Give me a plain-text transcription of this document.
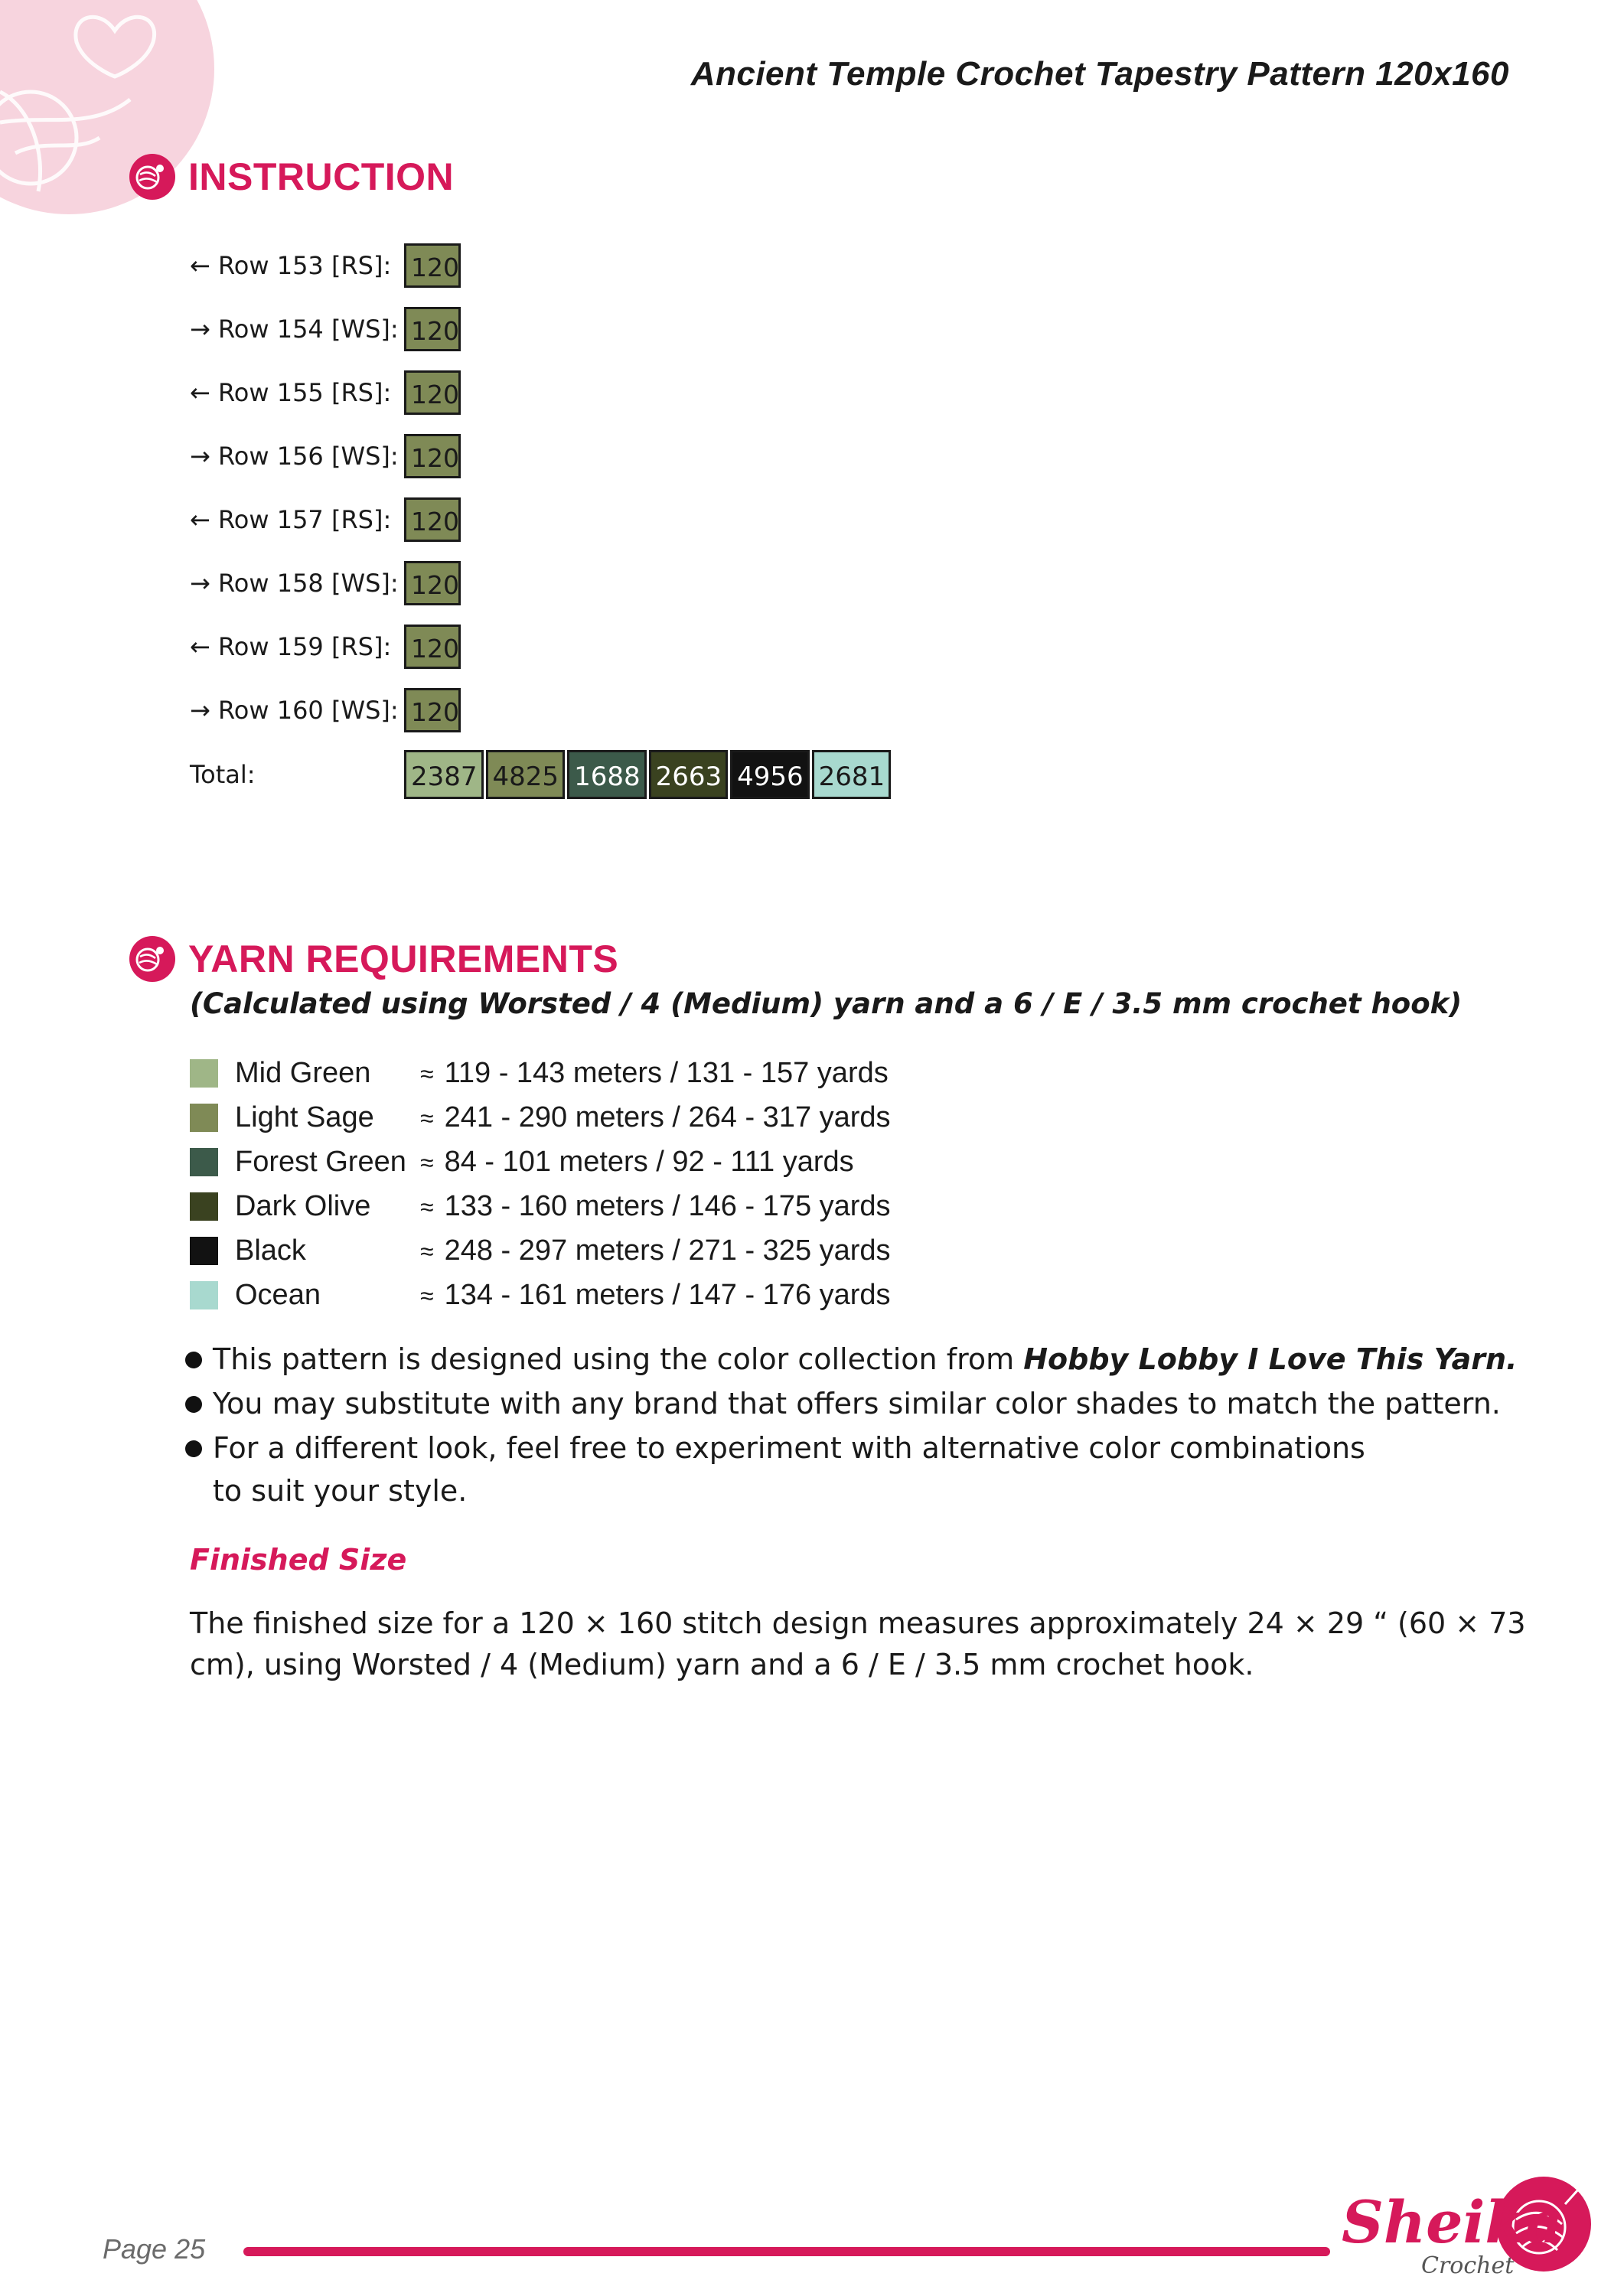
Ancient Temple Crochet Tapestry Pattern 120x160
INSTRUCTION
← Row 153 [RS]: 120
→ Row 154 [WS]: 120
← Row 155 [RS]: 120
→ Row 156 [WS]: 120
← Row 157 [RS]: 120
→ Row 158 [WS]: 120
← Row 159 [RS]: 120
→ Row 160 [WS]: 120
Total:	2387 4825 1688 2663 4956 2681
YARN REQUIREMENTS
(Calculated using Worsted / 4 (Medium) yarn and a 6 / E / 3.5 mm crochet hook)
Mid Green	≈ 119 - 143 meters / 131 - 157 yards
Light Sage	≈ 241 - 290 meters / 264 - 317 yards
Forest Green ≈ 84 - 101 meters / 92 - 111 yards
Dark Olive	≈ 133 - 160 meters / 146 - 175 yards
Black	≈ 248 - 297 meters / 271 - 325 yards
Ocean	≈ 134 - 161 meters / 147 - 176 yards
This pattern is designed using the color collection from Hobby Lobby I Love This Yarn.
You may substitute with any brand that offers similar color shades to match the pattern.
For a different look, feel free to experiment with alternative color combinations to suit your style.
Finished Size
The finished size for a 120 × 160 stitch design measures approximately 24 × 29 “ (60 × 73 cm), using Worsted / 4 (Medium) yarn and a 6 / E / 3.5 mm crochet hook.
Page 25	Sheika
Crochet
